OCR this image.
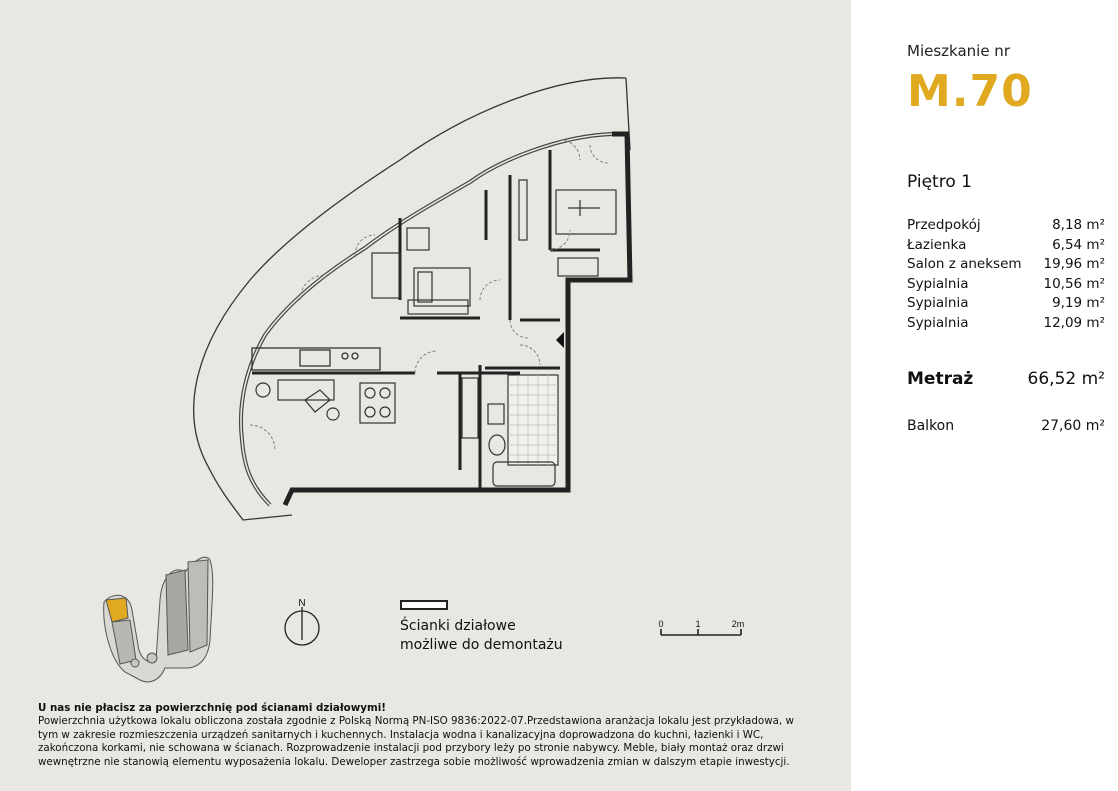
N
0	1	2m
Ścianki działowe
możliwe do demontażu

U nas nie płacisz za powierzchnię pod ścianami działowymi!

Powierzchnia użytkowa lokalu obliczona została zgodnie z Polską Normą PN-ISO 9836:2022-07.Przedstawiona aranżacja lokalu jest przykładowa, w tym w zakresie rozmieszczenia urządzeń sanitarnych i kuchennych. Instalacja wodna i kanalizacyjna doprowadzona do kuchni, łazienki i WC, zakończona korkami, nie schowana w ścianach. Rozprowadzenie instalacji pod przybory leży po stronie nabywcy. Meble, biały montaż oraz drzwi wewnętrzne nie stanowią elementu wyposażenia lokalu. Deweloper zastrzega sobie możliwość wprowadzenia zmian w dalszym etapie inwestycji.

Mieszkanie nr
M.70
Piętro 1
Przedpokój	8,18 m²
Łazienka	6,54 m²
Salon z aneksem 19,96 m²
Sypialnia	10,56 m²
Sypialnia	9,19 m²
Sypialnia	12,09 m²
Metraż	66,52 m²
Balkon	27,60 m²
